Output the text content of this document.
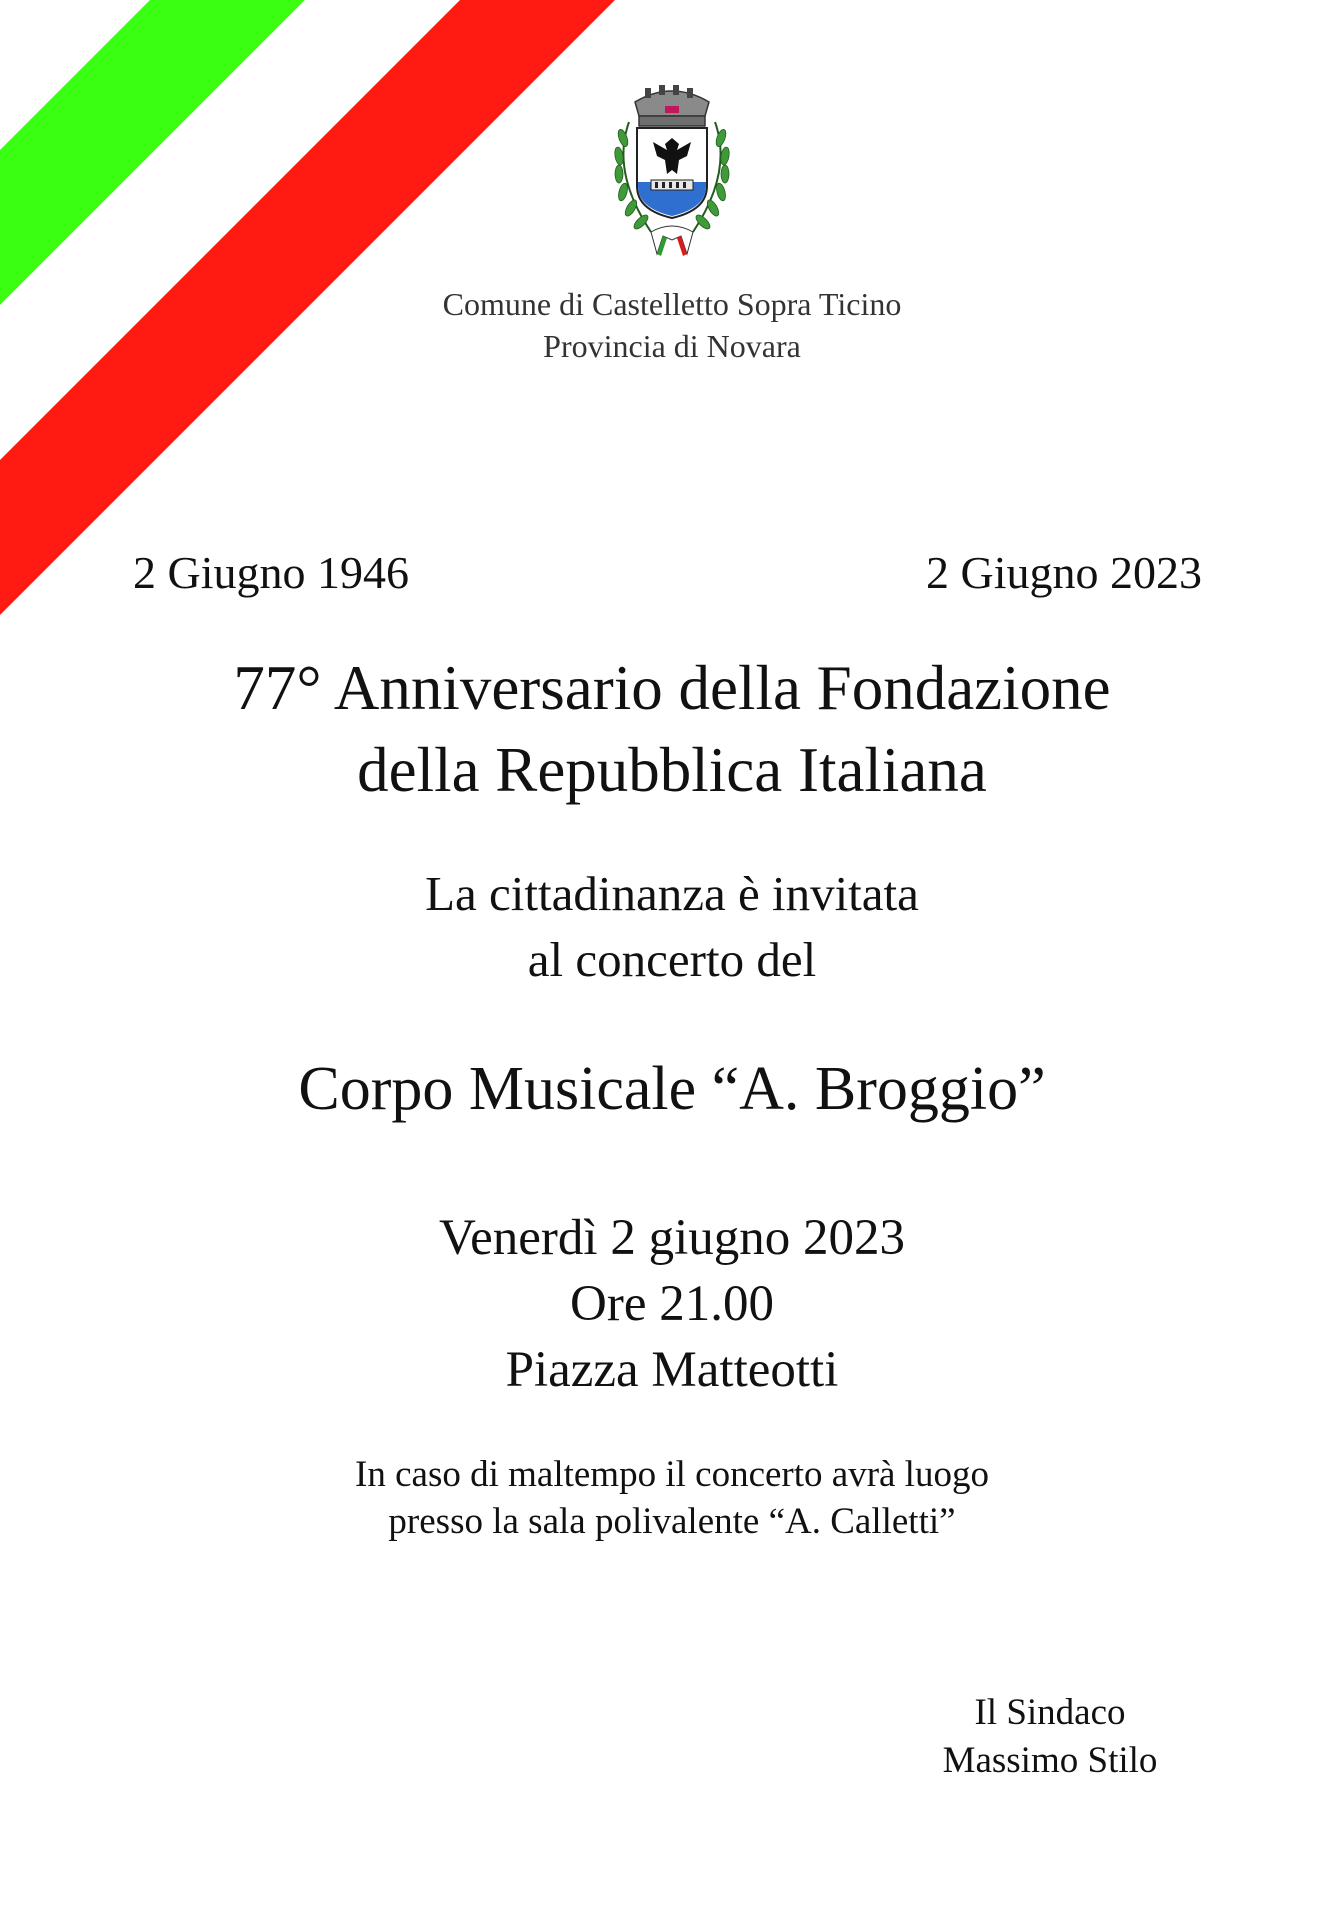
Comune di Castelletto Sopra Ticino

Provincia di Novara

2 Giugno 1946	2 Giugno 2023
77° Anniversario della Fondazione
della Repubblica Italiana

La cittadinanza è invitata

al concerto del

Corpo Musicale “A. Broggio”

Venerdì 2 giugno 2023

Ore 21.00

Piazza Matteotti

In caso di maltempo il concerto avrà luogo

presso la sala polivalente “A. Calletti”

Il Sindaco
Massimo Stilo
